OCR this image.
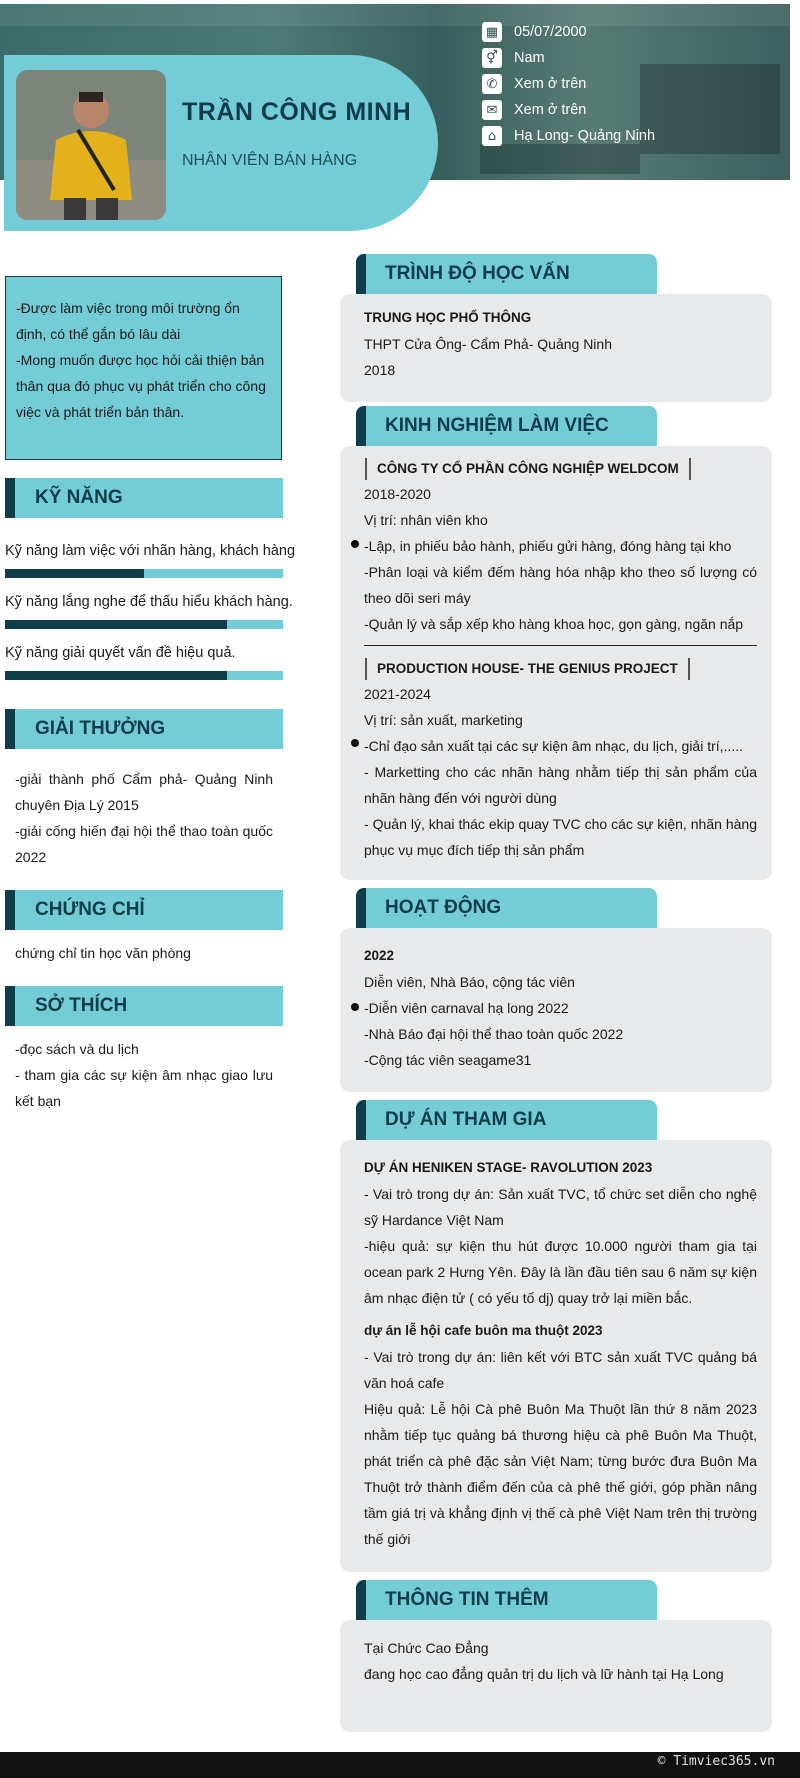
TRẦN CÔNG MINH
NHÂN VIÊN BÁN HÀNG
▦ 05/07/2000
⚥ Nam
✆	Xem ở trên
✉	Xem ở trên
⌂	Hạ Long- Quảng Ninh
-Được làm việc trong môi trường ổn định, có thể gắn bó lâu dài
-Mong muốn được học hỏi cải thiện bản thân qua đó phục vụ phát triển cho công việc và phát triển bản thân.
KỸ NĂNG
Kỹ năng làm việc với nhãn hàng, khách hàng
Kỹ năng lắng nghe để thấu hiểu khách hàng.
Kỹ năng giải quyết vấn đề hiệu quả.
GIẢI THƯỞNG
-giải thành phố Cẩm phả- Quảng Ninh chuyên Địa Lý 2015
-giải cống hiến đại hội thể thao toàn quốc 2022
CHỨNG CHỈ
chứng chỉ tin học văn phòng
SỞ THÍCH
-đọc sách và du lịch
- tham gia các sự kiện âm nhạc giao lưu kết bạn
TRÌNH ĐỘ HỌC VẤN
TRUNG HỌC PHỔ THÔNG
THPT Cửa Ông- Cẩm Phả- Quảng Ninh
2018
KINH NGHIỆM LÀM VIỆC
CÔNG TY CỔ PHẦN CÔNG NGHIỆP WELDCOM
2018-2020
Vị trí: nhân viên kho
-Lập, in phiếu bảo hành, phiếu gửi hàng, đóng hàng tại kho
-Phân loại và kiểm đếm hàng hóa nhập kho theo số lượng có theo dõi seri máy
-Quản lý và sắp xếp kho hàng khoa học, gọn gàng, ngăn nắp
PRODUCTION HOUSE- THE GENIUS PROJECT
2021-2024
Vị trí: sản xuất, marketing
-Chỉ đạo sản xuất tại các sự kiện âm nhạc, du lịch, giải trí,.....
- Marketting cho các nhãn hàng nhằm tiếp thị sản phẩm của nhãn hàng đến với người dùng
- Quản lý, khai thác ekip quay TVC cho các sự kiện, nhãn hàng phục vụ mục đích tiếp thị sản phẩm
HOẠT ĐỘNG
2022
Diễn viên, Nhà Báo, cộng tác viên
-Diễn viên carnaval hạ long 2022
-Nhà Báo đại hội thể thao toàn quốc 2022
-Cộng tác viên seagame31
DỰ ÁN THAM GIA
DỰ ÁN HENIKEN STAGE- RAVOLUTION 2023
- Vai trò trong dự án: Sản xuất TVC, tổ chức set diễn cho nghệ sỹ Hardance Việt Nam
-hiệu quả: sự kiện thu hút được 10.000 người tham gia tại ocean park 2 Hưng Yên. Đây là lần đầu tiên sau 6 năm sự kiện âm nhạc điện tử ( có yếu tố dj) quay trở lại miền bắc.
dự án lễ hội cafe buôn ma thuột 2023
- Vai trò trong dự án: liên kết với BTC sản xuất TVC quảng bá văn hoá cafe
Hiệu quả: Lễ hội Cà phê Buôn Ma Thuột lần thứ 8 năm 2023 nhằm tiếp tục quảng bá thương hiệu cà phê Buôn Ma Thuột, phát triển cà phê đặc sản Việt Nam; từng bước đưa Buôn Ma Thuột trở thành điểm đến của cà phê thế giới, góp phần nâng tầm giá trị và khẳng định vị thế cà phê Việt Nam trên thị trường thế giới
THÔNG TIN THÊM
Tại Chức Cao Đẳng
đang học cao đẳng quản trị du lịch và lữ hành tại Hạ Long
© Timviec365.vn
